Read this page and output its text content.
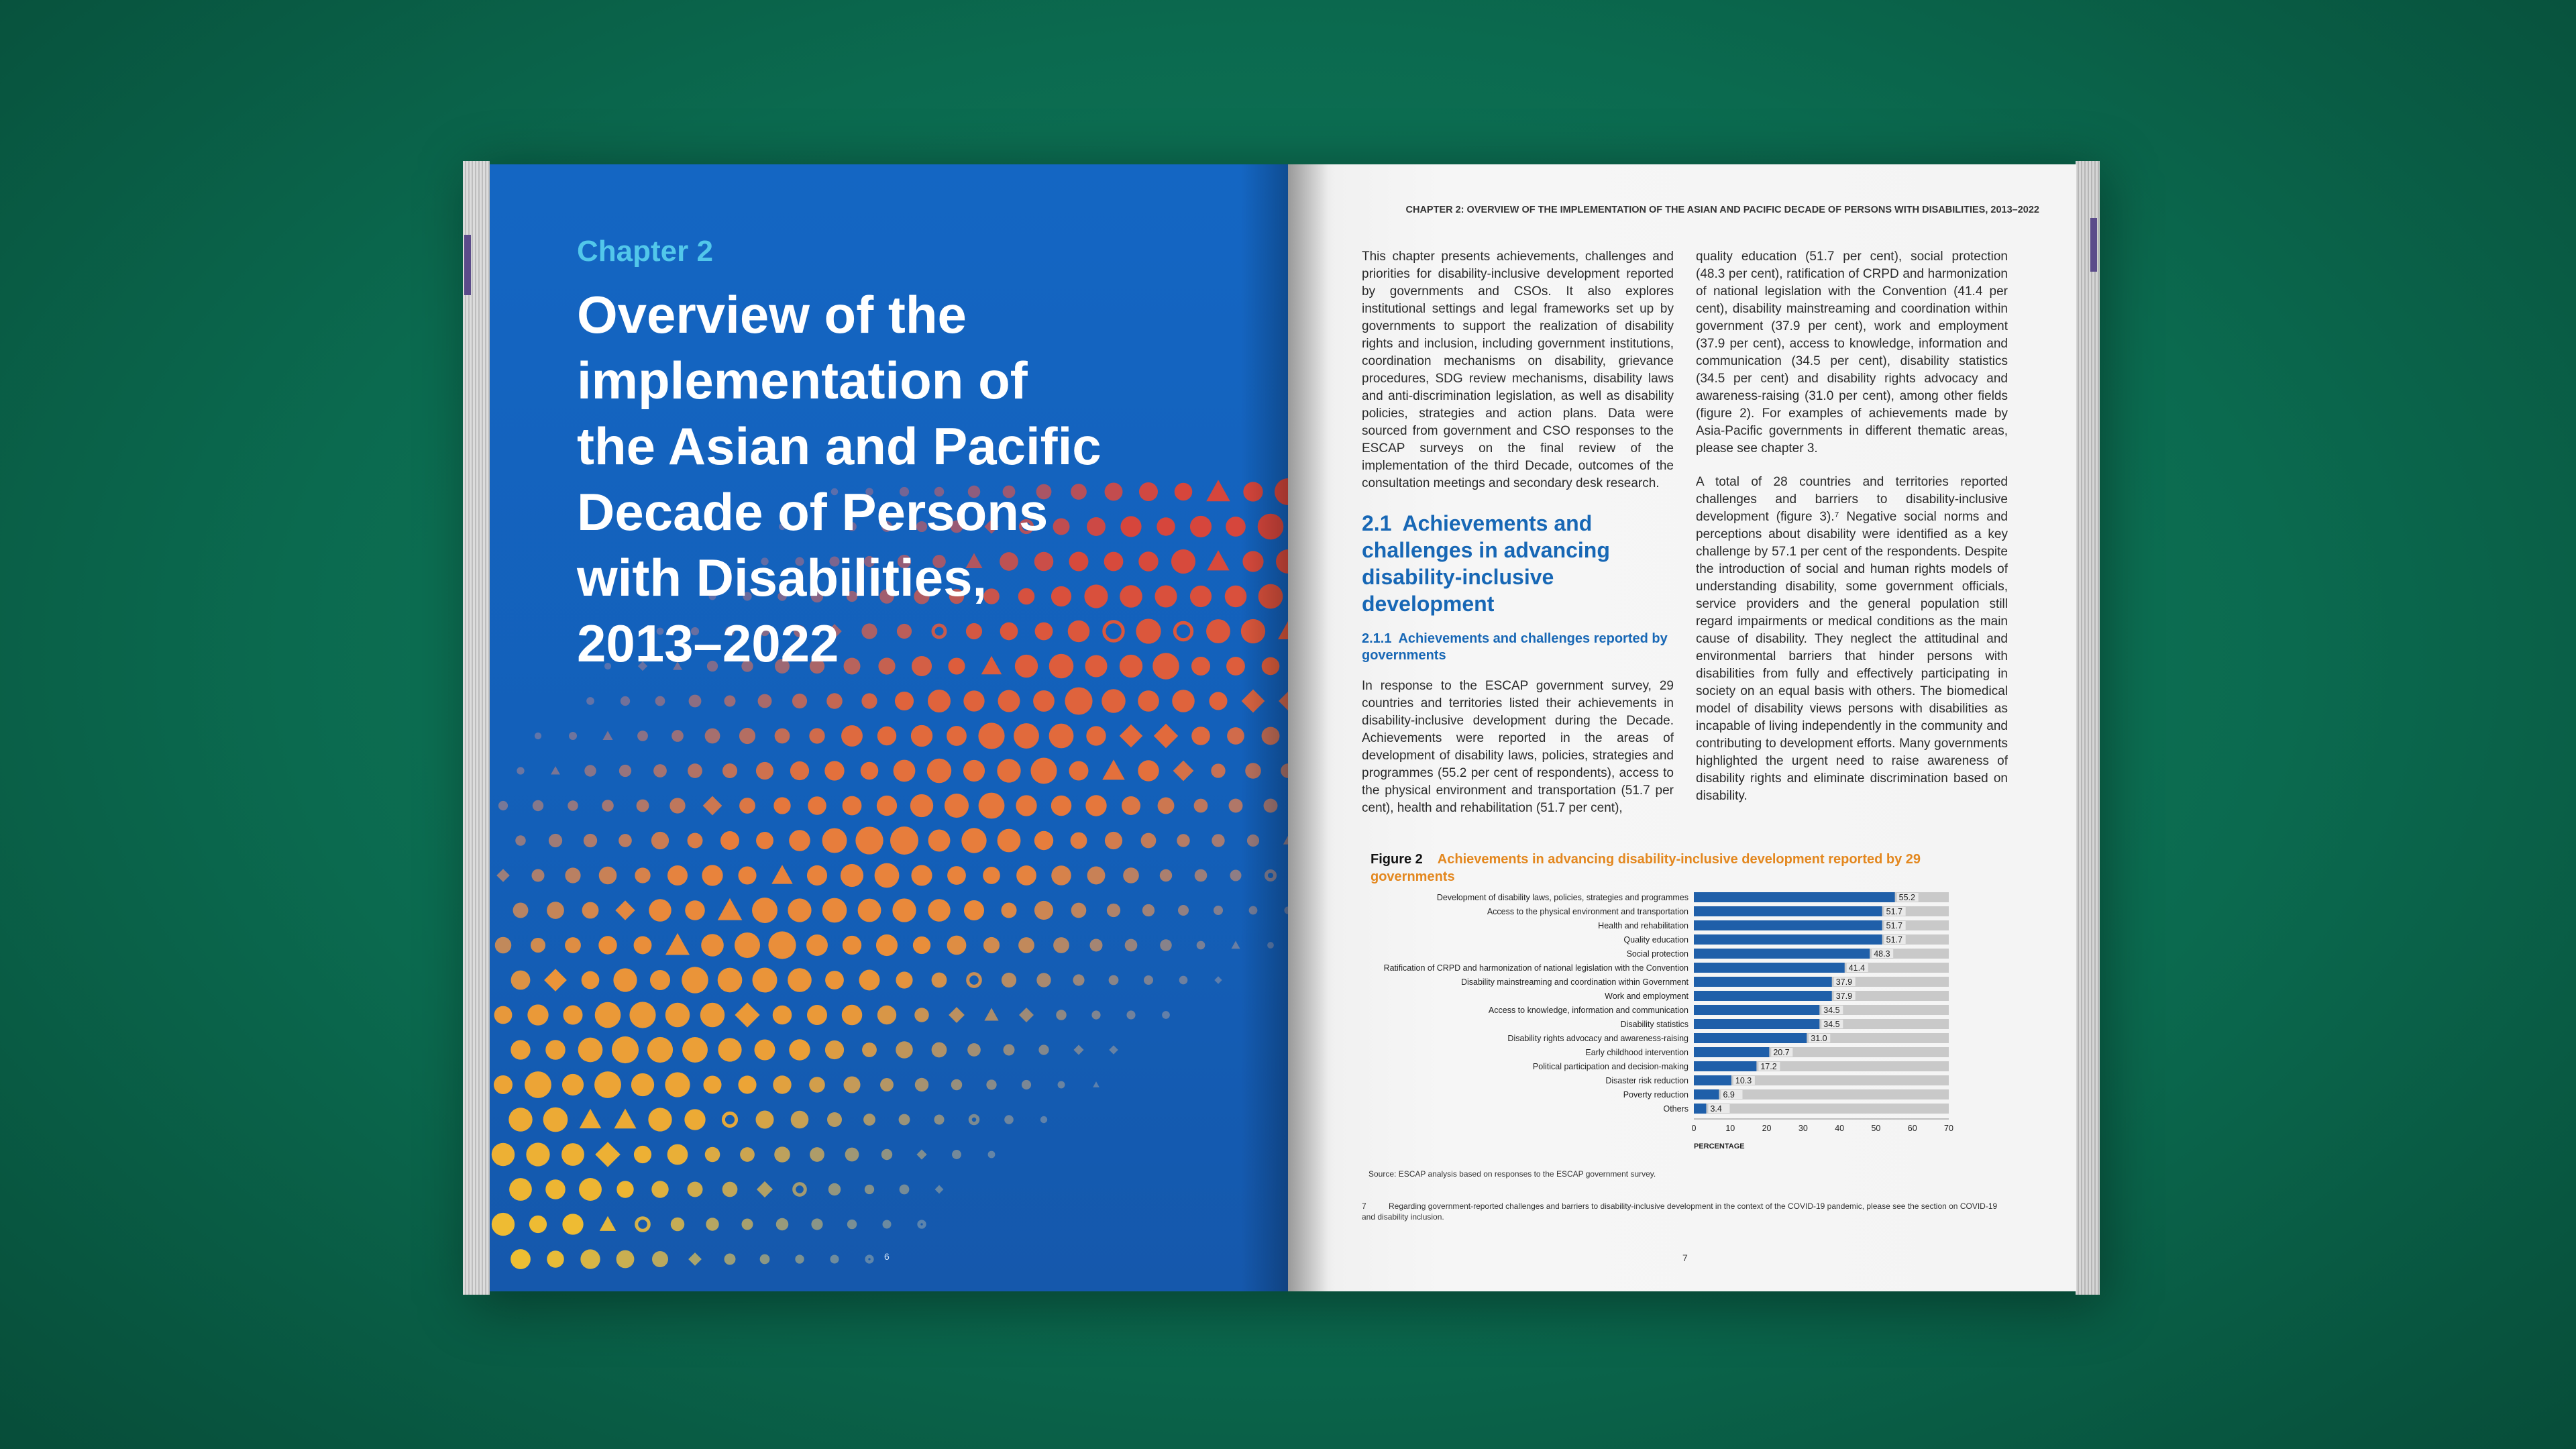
Chapter 2
Overview of the
implementation of
the Asian and Pacific
Decade of Persons
with Disabilities,
2013–2022
6
CHAPTER 2: OVERVIEW OF THE IMPLEMENTATION OF THE ASIAN AND PACIFIC DECADE OF PERSONS WITH DISABILITIES, 2013–2022

This chapter presents achievements, challenges and priorities for disability-inclusive development reported by governments and CSOs. It also explores institutional settings and legal frameworks set up by governments to support the realization of disability rights and inclusion, including government institutions, coordination mechanisms on disability, grievance procedures, SDG review mechanisms, disability laws and anti-discrimination legislation, as well as disability policies, strategies and action plans. Data were sourced from government and CSO responses to the ESCAP surveys on the final review of the implementation of the third Decade, outcomes of the consultation meetings and secondary desk research.

2.1 Achievements and challenges in advancing disability-inclusive development
2.1.1 Achievements and challenges reported by governments

In response to the ESCAP government survey, 29 countries and territories listed their achievements in disability-inclusive development during the Decade. Achievements were reported in the areas of development of disability laws, policies, strategies and programmes (55.2 per cent of respondents), access to the physical environment and transportation (51.7 per cent), health and rehabilitation (51.7 per cent),

quality education (51.7 per cent), social protection (48.3 per cent), ratification of CRPD and harmonization of national legislation with the Convention (41.4 per cent), disability mainstreaming and coordination within government (37.9 per cent), work and employment (37.9 per cent), access to knowledge, information and communication (34.5 per cent), disability statistics (34.5 per cent) and disability rights advocacy and awareness-raising (31.0 per cent), among other fields (figure 2). For examples of achievements made by Asia-Pacific governments in different thematic areas, please see chapter 3.

A total of 28 countries and territories reported challenges and barriers to disability-inclusive development (figure 3).⁷ Negative social norms and perceptions about disability were identified as a key challenge by 57.1 per cent of the respondents. Despite the introduction of social and human rights models of understanding disability, some government officials, service providers and the general population still regard impairments or medical conditions as the main cause of disability. They neglect the attitudinal and environmental barriers that hinder persons with disabilities from fully and effectively participating in society on an equal basis with others. The biomedical model of disability views persons with disabilities as incapable of living independently in the community and contributing to development efforts. Many governments highlighted the urgent need to raise awareness of disability rights and eliminate discrimination based on disability.

Figure 2 Achievements in advancing disability-inclusive development reported by 29 governments
Development of disability laws, policies, strategies and programmes	55.2
Access to the physical environment and transportation	51.7
Health and rehabilitation	51.7
Quality education	51.7
Social protection	48.3
Ratification of CRPD and harmonization of national legislation with the Convention	41.4
Disability mainstreaming and coordination within Government	37.9
Work and employment	37.9
Access to knowledge, information and communication	34.5
Disability statistics	34.5
Disability rights advocacy and awareness-raising	31.0
Early childhood intervention	20.7
Political participation and decision-making	17.2
Disaster risk reduction	10.3
Poverty reduction	6.9
Others	3.4
0	10	20	30	40	50	60	70
PERCENTAGE
Source: ESCAP analysis based on responses to the ESCAP government survey.
7	Regarding government-reported challenges and barriers to disability-inclusive development in the context of the COVID-19 pandemic, please see the section on COVID-19 and disability inclusion.
7
